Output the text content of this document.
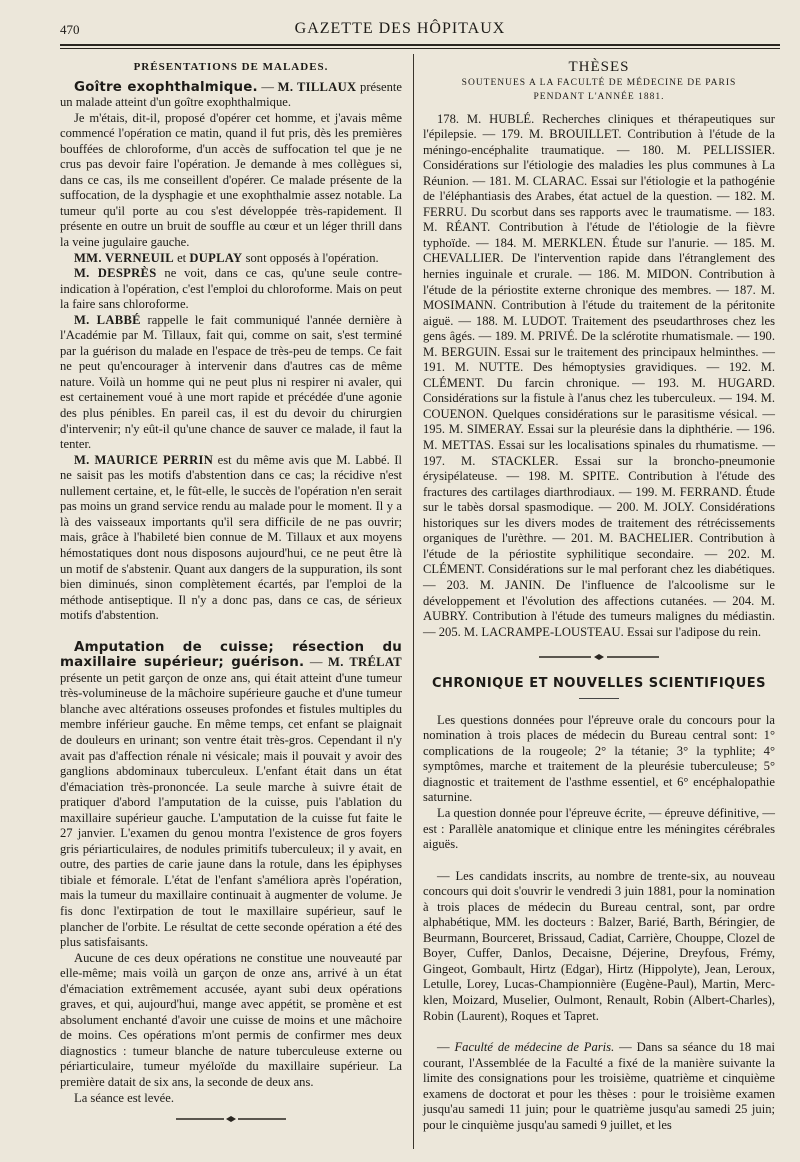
470	GAZETTE DES HÔPITAUX
PRÉSENTATIONS DE MALADES.

Goître exophthalmique. — M. TILLAUX présente un malade atteint d'un goître exophthalmique.

Je m'étais, dit-il, proposé d'opérer cet homme, et j'avais même commencé l'opération ce matin, quand il fut pris, dès les premières bouffées de chloroforme, d'un accès de suffocation tel que je ne crus pas devoir faire l'opération. Je demande à mes collègues si, dans ce cas, ils me conseillent d'opérer. Ce malade présente de la suffocation, de la dysphagie et une exophthalmie assez notable. La tumeur qu'il porte au cou s'est développée très-rapidement. Il présente en outre un bruit de souffle au cœur et un léger thrill dans la veine jugulaire gauche.

MM. VERNEUIL et DUPLAY sont opposés à l'opération.

M. DESPRÈS ne voit, dans ce cas, qu'une seule contre-indication à l'opération, c'est l'emploi du chloroforme. Mais on peut la faire sans chloroforme.

M. LABBÉ rappelle le fait communiqué l'année dernière à l'Académie par M. Tillaux, fait qui, comme on sait, s'est terminé par la guérison du malade en l'espace de très-peu de temps. Ce fait ne peut qu'encourager à intervenir dans d'autres cas de même nature. Voilà un homme qui ne peut plus ni respirer ni avaler, qui est certainement voué à une mort rapide et précédée d'une agonie des plus pénibles. En pareil cas, il est du devoir du chirurgien d'intervenir; n'y eût-il qu'une chance de sauver ce malade, il faut la tenter.

M. MAURICE PERRIN est du même avis que M. Labbé. Il ne saisit pas les motifs d'abstention dans ce cas; la récidive n'est nullement certaine, et, le fût-elle, le succès de l'opération n'en serait pas moins un grand service rendu au malade pour le moment. Il y a là des vaisseaux importants qu'il sera difficile de ne pas ouvrir; mais, grâce à l'habileté bien connue de M. Tillaux et aux moyens hémostatiques dont nous disposons aujourd'hui, ce ne peut être là un motif de s'abstenir. Quant aux dangers de la suppuration, ils sont bien diminués, sinon complètement écartés, par l'emploi de la méthode antiseptique. Il n'y a donc pas, dans ce cas, de sérieux motifs d'abstention.

Amputation de cuisse; résection du maxillaire supérieur; guérison. — M. TRÉLAT présente un petit garçon de onze ans, qui était atteint d'une tumeur très-volumineuse de la mâchoire supérieure gauche et d'une tumeur blanche avec altérations osseuses profondes et fistules multiples du membre inférieur gauche. En même temps, cet enfant se plaignait de douleurs en urinant; son ventre était très-gros. Cependant il n'y avait pas d'affection rénale ni vésicale; mais il pouvait y avoir des ganglions abdominaux tuberculeux. L'enfant était dans un état d'émaciation très-prononcée. La seule marche à suivre était de pratiquer d'abord l'amputation de la cuisse, puis l'ablation du maxillaire supérieur gauche. L'amputation de la cuisse fut faite le 27 janvier. L'examen du genou montra l'existence de gros foyers gris périarticulaires, de nodules primitifs tuberculeux; il y avait, en outre, des parties de carie jaune dans la rotule, dans les épiphyses tibiale et fémorale. L'état de l'enfant s'améliora après l'opération, mais la tumeur du maxillaire continuait à augmenter de volume. Je fis donc l'extirpation de tout le maxillaire supérieur, sauf le plancher de l'orbite. Le résultat de cette seconde opération a été des plus satisfaisants.

Aucune de ces deux opérations ne constitue une nouveauté par elle-même; mais voilà un garçon de onze ans, arrivé à un état d'émaciation extrêmement accusée, ayant subi deux opérations graves, et qui, aujourd'hui, mange avec appétit, se promène et est absolument enchanté d'avoir une cuisse de moins et une mâchoire de moins. Ces opérations m'ont permis de confirmer mes deux diagnostics : tumeur blanche de nature tuberculeuse externe ou périarticulaire, tumeur myéloïde du maxillaire supérieur. La première datait de six ans, la seconde de deux ans.

La séance est levée.

THÈSES
SOUTENUES A LA FACULTÉ DE MÉDECINE DE PARIS
PENDANT L'ANNÉE 1881.

178. M. HUBLÉ. Recherches cliniques et thérapeutiques sur l'épilepsie. — 179. M. BROUILLET. Contribution à l'étude de la méningo-encéphalite traumatique. — 180. M. PELLISSIER. Considérations sur l'étiologie des maladies les plus communes à La Réunion. — 181. M. CLARAC. Essai sur l'étiologie et la pathogénie de l'éléphantiasis des Arabes, état actuel de la question. — 182. M. FERRU. Du scorbut dans ses rapports avec le traumatisme. — 183. M. RÉANT. Contribution à l'étude de l'étiologie de la fièvre typhoïde. — 184. M. MERKLEN. Étude sur l'anurie. — 185. M. CHEVALLIER. De l'intervention rapide dans l'étranglement des hernies inguinale et crurale. — 186. M. MIDON. Contribution à l'étude de la périostite externe chronique des membres. — 187. M. MOSIMANN. Contribution à l'étude du traitement de la péritonite aiguë. — 188. M. LUDOT. Traitement des pseudarthroses chez les gens âgés. — 189. M. PRIVÉ. De la sclérotite rhumatismale. — 190. M. BERGUIN. Essai sur le traitement des principaux helminthes. — 191. M. NUTTE. Des hémoptysies gravidiques. — 192. M. CLÉMENT. Du farcin chronique. — 193. M. HUGARD. Considérations sur la fistule à l'anus chez les tuberculeux. — 194. M. COUENON. Quelques considérations sur le parasitisme vésical. — 195. M. SIMERAY. Essai sur la pleurésie dans la diphthérie. — 196. M. METTAS. Essai sur les localisations spinales du rhumatisme. — 197. M. STACKLER. Essai sur la broncho-pneumonie érysipélateuse. — 198. M. SPITE. Contribution à l'étude des fractures des cartilages diarthrodiaux. — 199. M. FERRAND. Étude sur le tabès dorsal spasmodique. — 200. M. JOLY. Considérations historiques sur les divers modes de traitement des rétrécissements organiques de l'urèthre. — 201. M. BACHELIER. Contribution à l'étude de la périostite syphilitique secondaire. — 202. M. CLÉMENT. Considérations sur le mal perforant chez les diabétiques. — 203. M. JANIN. De l'influence de l'alcoolisme sur le développement et l'évolution des affections cutanées. — 204. M. AUBRY. Contribution à l'étude des tumeurs malignes du médiastin. — 205. M. LACRAMPE-LOUSTEAU. Essai sur l'adipose du rein.

CHRONIQUE ET NOUVELLES SCIENTIFIQUES

Les questions données pour l'épreuve orale du concours pour la nomination à trois places de médecin du Bureau central sont: 1° complications de la rougeole; 2° la tétanie; 3° la typhlite; 4° symptômes, marche et traitement de la pleurésie tuberculeuse; 5° diagnostic et traitement de l'asthme essentiel, et 6° encéphalopathie saturnine.

La question donnée pour l'épreuve écrite, — épreuve définitive, — est : Parallèle anatomique et clinique entre les méningites cérébrales aiguës.

— Les candidats inscrits, au nombre de trente-six, au nouveau concours qui doit s'ouvrir le vendredi 3 juin 1881, pour la nomination à trois places de médecin du Bureau central, sont, par ordre alphabétique, MM. les docteurs : Balzer, Barié, Barth, Béringier, de Beurmann, Bourceret, Brissaud, Cadiat, Carrière, Chouppe, Clozel de Boyer, Cuffer, Danlos, Decaisne, Déjerine, Dreyfous, Frémy, Gingeot, Gombault, Hirtz (Edgar), Hirtz (Hippolyte), Jean, Leroux, Letulle, Lorey, Lucas-Championnière (Eugène-Paul), Martin, Merc-klen, Moizard, Muselier, Oulmont, Renault, Robin (Albert-Charles), Robin (Laurent), Roques et Tapret.

— Faculté de médecine de Paris. — Dans sa séance du 18 mai courant, l'Assemblée de la Faculté a fixé de la manière suivante la limite des consignations pour les troisième, quatrième et cinquième examens de doctorat et pour les thèses : pour le troisième examen jusqu'au samedi 11 juin; pour le quatrième jusqu'au samedi 25 juin; pour le cinquième jusqu'au samedi 9 juillet, et les
